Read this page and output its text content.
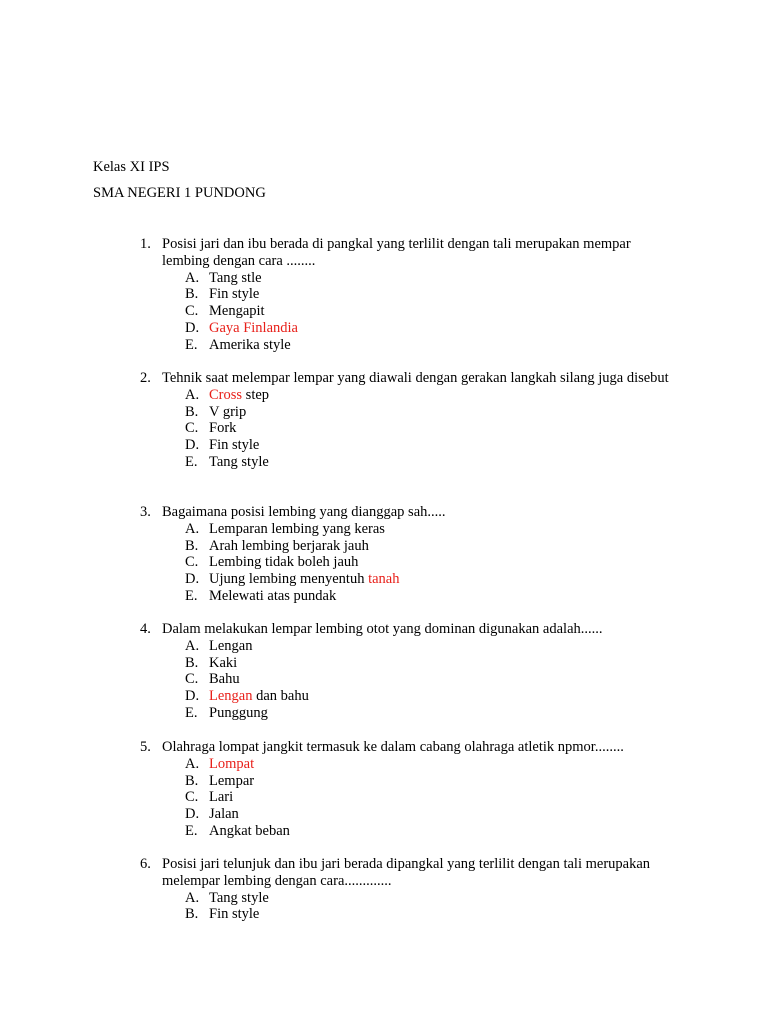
Kelas XI IPS
SMA NEGERI 1 PUNDONG
1. Posisi jari dan ibu berada di pangkal yang terlilit dengan tali merupakan mempar lembing dengan cara ........
A. Tang stle
B. Fin style
C. Mengapit
D. Gaya Finlandia
E. Amerika style
2. Tehnik saat melempar lempar yang diawali dengan gerakan langkah silang juga disebut
A. Cross step
B. V grip
C. Fork
D. Fin style
E. Tang style
3. Bagaimana posisi lembing yang dianggap sah.....
A. Lemparan lembing yang keras
B. Arah lembing berjarak jauh
C. Lembing tidak boleh jauh
D. Ujung lembing menyentuh tanah
E. Melewati atas pundak
4. Dalam melakukan lempar lembing otot yang dominan digunakan adalah......
A. Lengan
B. Kaki
C. Bahu
D. Lengan dan bahu
E. Punggung
5. Olahraga lompat jangkit termasuk ke dalam cabang olahraga atletik npmor........
A. Lompat
B. Lempar
C. Lari
D. Jalan
E. Angkat beban
6. Posisi jari telunjuk dan ibu jari berada dipangkal yang terlilit dengan tali merupakan melempar lembing dengan cara.............
A. Tang style
B. Fin style
